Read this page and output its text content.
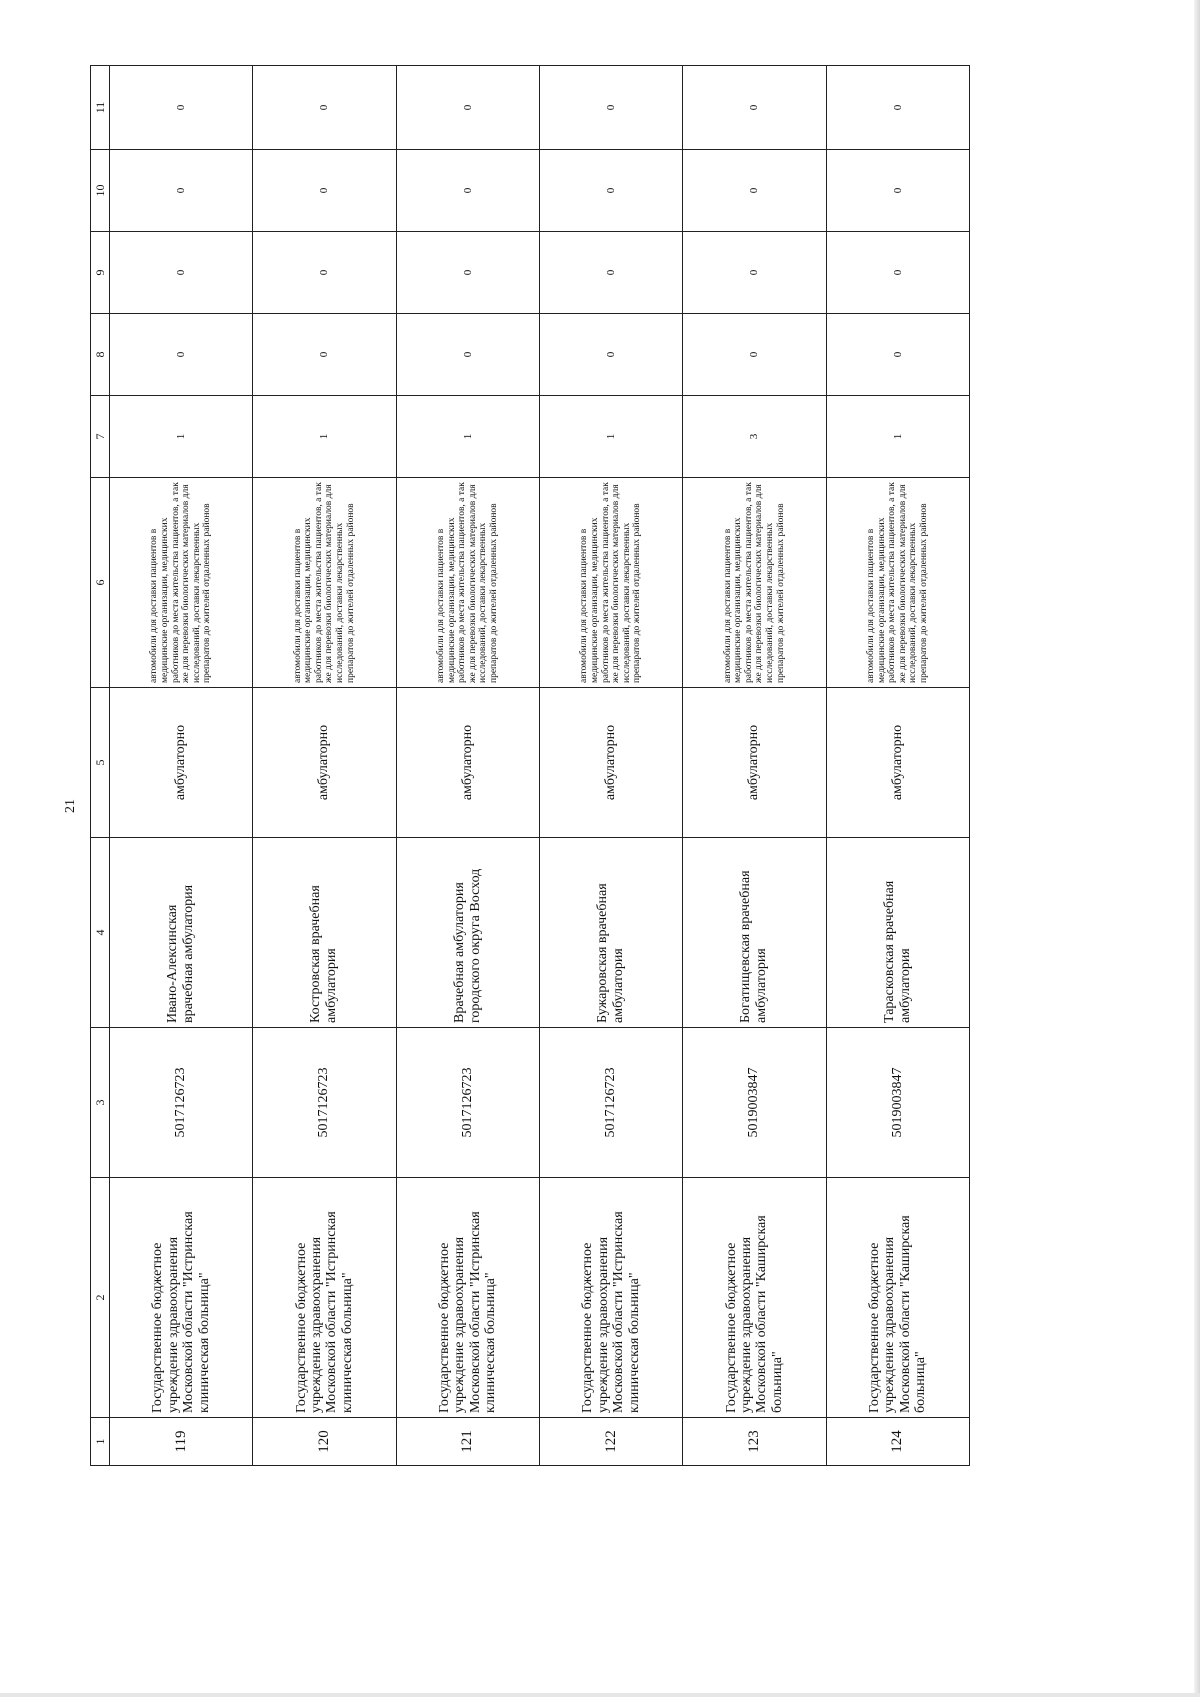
21
1	2	3	4	5	6	7	8	9	10	11
119	Государственное бюджетное учреждение здравоохранения Московской области "Истринская клиническая больница"	5017126723	Ивано-Алексинская врачебная амбулатория	амбулаторно	автомобили для доставки пациентов в медицинские организации, медицинских работников до места жительства пациентов, а так же для перевозки биологических материалов для исследований, доставки лекарственных препаратов до жителей отдаленных районов	1	0	0	0	0
120	Государственное бюджетное учреждение здравоохранения Московской области "Истринская клиническая больница"	5017126723	Костровская врачебная амбулатория	амбулаторно	автомобили для доставки пациентов в медицинские организации, медицинских работников до места жительства пациентов, а так же для перевозки биологических материалов для исследований, доставки лекарственных препаратов до жителей отдаленных районов	1	0	0	0	0
121	Государственное бюджетное учреждение здравоохранения Московской области "Истринская клиническая больница"	5017126723	Врачебная амбулатория городского округа Восход	амбулаторно	автомобили для доставки пациентов в медицинские организации, медицинских работников до места жительства пациентов, а так же для перевозки биологических материалов для исследований, доставки лекарственных препаратов до жителей отдаленных районов	1	0	0	0	0
122	Государственное бюджетное учреждение здравоохранения Московской области "Истринская клиническая больница"	5017126723	Бужаровская врачебная амбулатория	амбулаторно	автомобили для доставки пациентов в медицинские организации, медицинских работников до места жительства пациентов, а так же для перевозки биологических материалов для исследований, доставки лекарственных препаратов до жителей отдаленных районов	1	0	0	0	0
123	Государственное бюджетное учреждение здравоохранения Московской области "Каширская больница"	5019003847	Богатищевская врачебная амбулатория	амбулаторно	автомобили для доставки пациентов в медицинские организации, медицинских работников до места жительства пациентов, а так же для перевозки биологических материалов для исследований, доставки лекарственных препаратов до жителей отдаленных районов	3	0	0	0	0
124	Государственное бюджетное учреждение здравоохранения Московской области "Каширская больница"	5019003847	Тарасковская врачебная амбулатория	амбулаторно	автомобили для доставки пациентов в медицинские организации, медицинских работников до места жительства пациентов, а так же для перевозки биологических материалов для исследований, доставки лекарственных препаратов до жителей отдаленных районов	1	0	0	0	0
